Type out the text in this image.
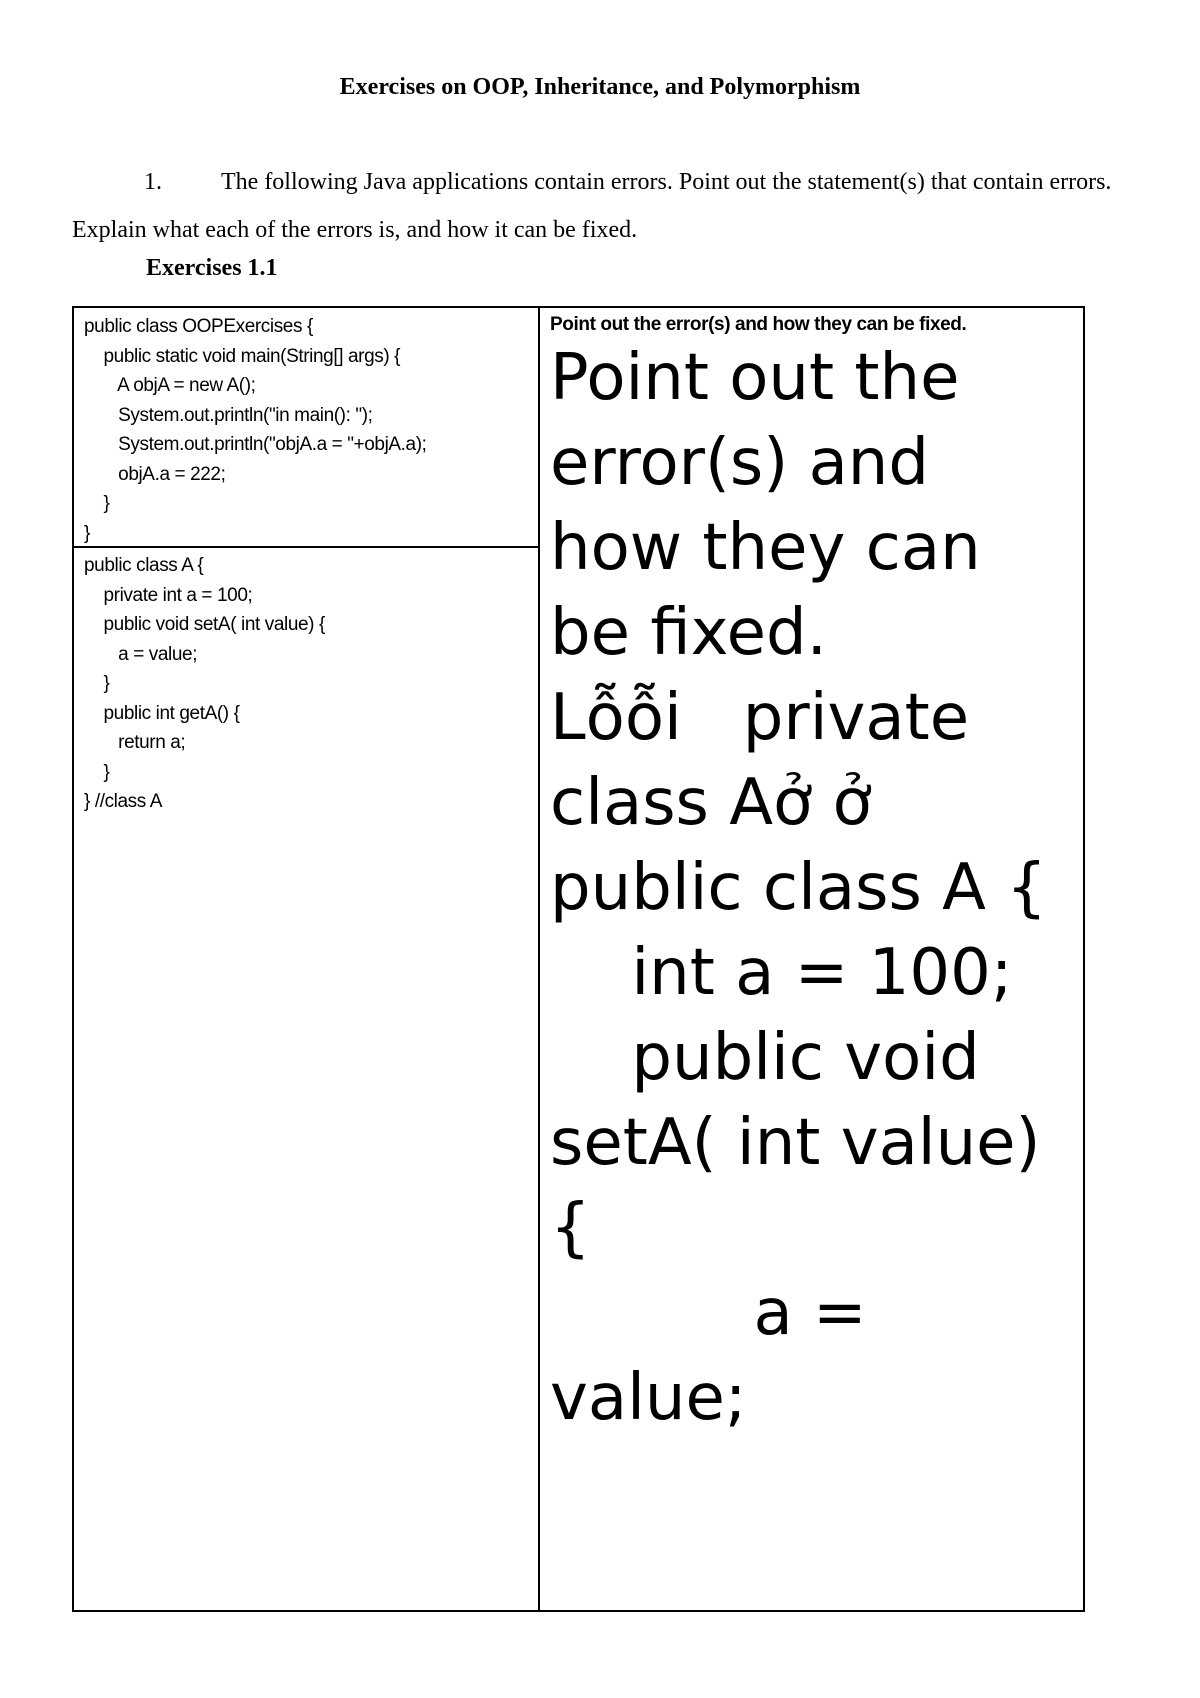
Exercises on OOP, Inheritance, and Polymorphism
1. The following Java applications contain errors. Point out the statement(s) that contain errors. Explain what each of the errors is, and how it can be fixed.
Exercises 1.1
public class OOPExercises {
public static void main(String[] args) {
A objA = new A();
System.out.println("in main(): ");
System.out.println("objA.a = "+objA.a);
objA.a = 222;
}
}
public class A {
private int a = 100;
public void setA( int value) {
a = value;
}
public int getA() {
return a;
}
} //class A
Point out the error(s) and how they can be fixed.
Point out the error(s) and how they can be fixed.
Lỗỗi   private class Aở ở public class A {
int a = 100;
public void setA( int value) {
a = value;
